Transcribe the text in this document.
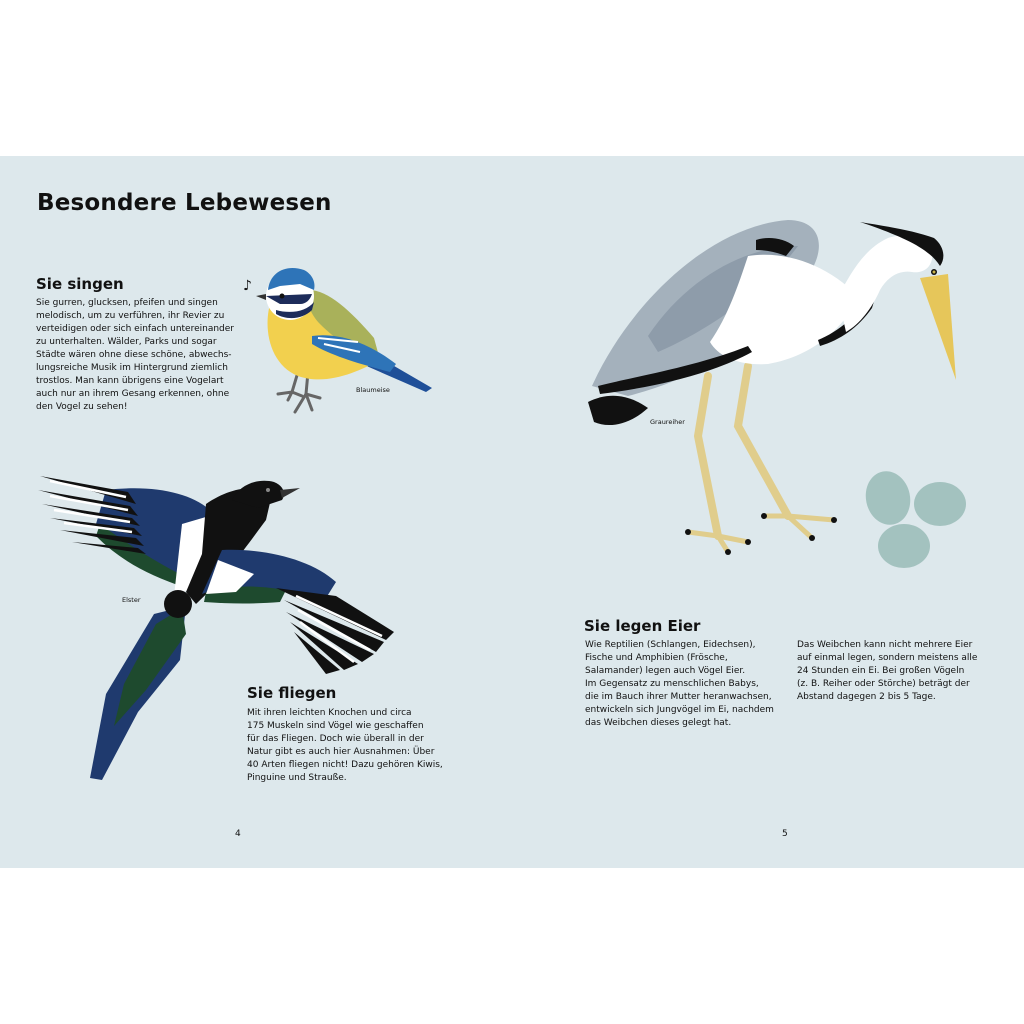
Besondere Lebewesen
Sie singen
Sie gurren, glucksen, pfeifen und singen
melodisch, um zu verführen, ihr Revier zu
verteidigen oder sich einfach untereinander
zu unterhalten. Wälder, Parks und sogar
Städte wären ohne diese schöne, abwechs-
lungsreiche Musik im Hintergrund ziemlich
trostlos. Man kann übrigens eine Vogelart
auch nur an ihrem Gesang erkennen, ohne
den Vogel zu sehen!
Blaumeise
♪
Elster
Sie fliegen
Mit ihren leichten Knochen und circa
175 Muskeln sind Vögel wie geschaffen
für das Fliegen. Doch wie überall in der
Natur gibt es auch hier Ausnahmen: Über
40 Arten fliegen nicht! Dazu gehören Kiwis,
Pinguine und Strauße.
Graureiher
Sie legen Eier
Wie Reptilien (Schlangen, Eidechsen),
Fische und Amphibien (Frösche,
Salamander) legen auch Vögel Eier.
Im Gegensatz zu menschlichen Babys,
die im Bauch ihrer Mutter heranwachsen,
entwickeln sich Jungvögel im Ei, nachdem
das Weibchen dieses gelegt hat.
Das Weibchen kann nicht mehrere Eier
auf einmal legen, sondern meistens alle
24 Stunden ein Ei. Bei großen Vögeln
(z. B. Reiher oder Störche) beträgt der
Abstand dagegen 2 bis 5 Tage.
4	5
